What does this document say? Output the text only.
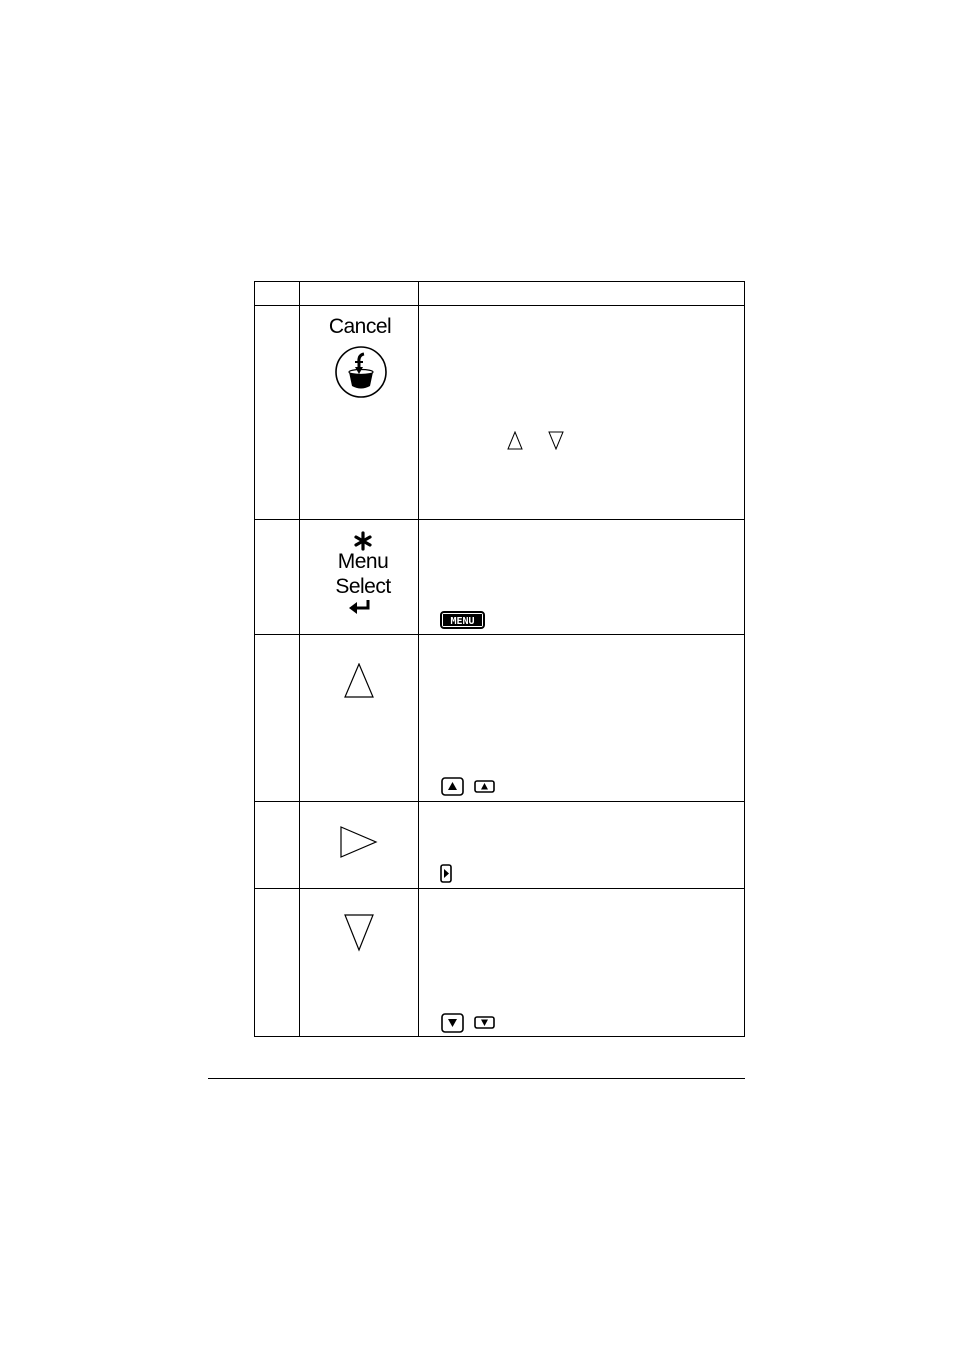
Cancel
Menu
Select
MENU
